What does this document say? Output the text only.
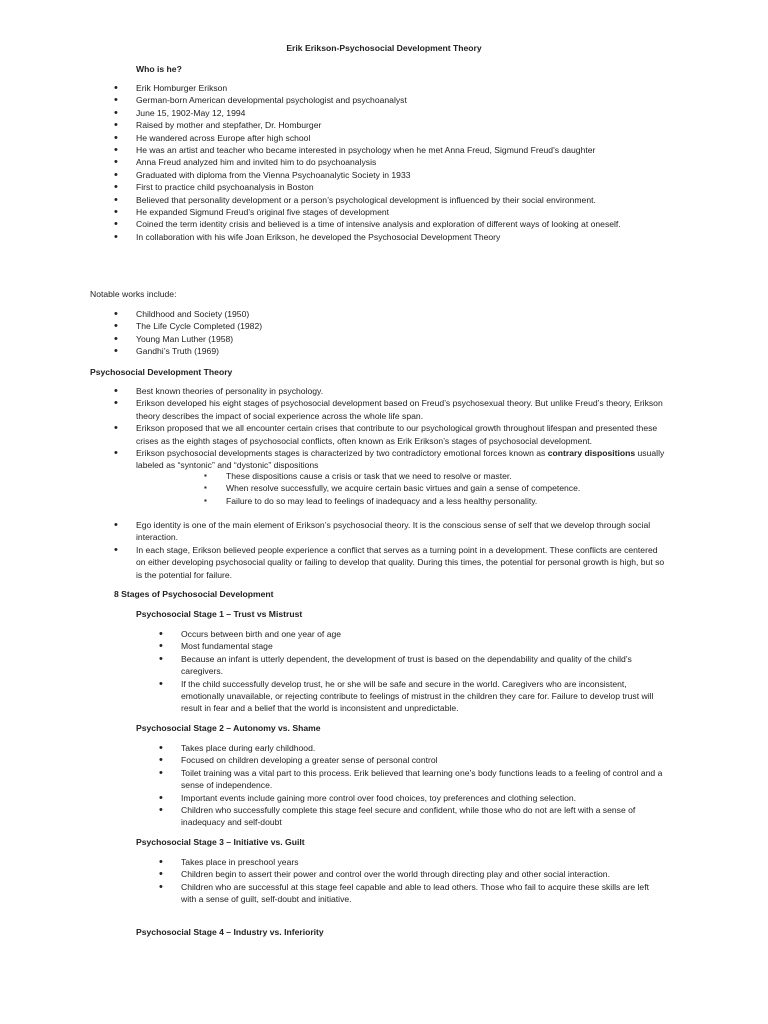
Erik Erikson-Psychosocial Development Theory
Who is he?
• Erik Homburger Erikson
• German-born American developmental psychologist and psychoanalyst
• June 15, 1902-May 12, 1994
• Raised by mother and stepfather, Dr. Homburger
• He wandered across Europe after high school
• He was an artist and teacher who became interested in psychology when he met Anna Freud, Sigmund Freud’s daughter
• Anna Freud analyzed him and invited him to do psychoanalysis
• Graduated with diploma from the Vienna Psychoanalytic Society in 1933
• First to practice child psychoanalysis in Boston
• Believed that personality development or a person’s psychological development is influenced by their social environment.
• He expanded Sigmund Freud’s original five stages of development
• Coined the term identity crisis and believed is a time of intensive analysis and exploration of different ways of looking at oneself.
• In collaboration with his wife Joan Erikson, he developed the Psychosocial Development Theory
Notable works include:
• Childhood and Society (1950)
• The Life Cycle Completed (1982)
• Young Man Luther (1958)
• Gandhi’s Truth (1969)
Psychosocial Development Theory
• Best known theories of personality in psychology.
• Erikson developed his eight stages of psychosocial development based on Freud’s psychosexual theory. But unlike Freud’s theory, Erikson theory describes the impact of social experience across the whole life span.
• Erikson proposed that we all encounter certain crises that contribute to our psychological growth throughout lifespan and presented these crises as the eighth stages of psychosocial conflicts, often known as Erik Erikson’s stages of psychosocial development.
• Erikson psychosocial developments stages is characterized by two contradictory emotional forces known as contrary dispositions usually labeled as “syntonic” and “dystonic” dispositions
▪ These dispositions cause a crisis or task that we need to resolve or master.
▪ When resolve successfully, we acquire certain basic virtues and gain a sense of competence.
▪ Failure to do so may lead to feelings of inadequacy and a less healthy personality.
• Ego identity is one of the main element of Erikson’s psychosocial theory. It is the conscious sense of self that we develop through social interaction.
• In each stage, Erikson believed people experience a conflict that serves as a turning point in a development. These conflicts are centered on either developing psychosocial quality or failing to develop that quality. During this times, the potential for personal growth is high, but so is the potential for failure.
8 Stages of Psychosocial Development
Psychosocial Stage 1 – Trust vs Mistrust
• Occurs between birth and one year of age
• Most fundamental stage
• Because an infant is utterly dependent, the development of trust is based on the dependability and quality of the child’s caregivers.
• If the child successfully develop trust, he or she will be safe and secure in the world. Caregivers who are inconsistent, emotionally unavailable, or rejecting contribute to feelings of mistrust in the children they care for. Failure to develop trust will result in fear and a belief that the world is inconsistent and unpredictable.
Psychosocial Stage 2 – Autonomy vs. Shame
• Takes place during early childhood.
• Focused on children developing a greater sense of personal control
• Toilet training was a vital part to this process. Erik believed that learning one’s body functions leads to a feeling of control and a sense of independence.
• Important events include gaining more control over food choices, toy preferences and clothing selection.
• Children who successfully complete this stage feel secure and confident, while those who do not are left with a sense of inadequacy and self-doubt
Psychosocial Stage 3 – Initiative vs. Guilt
• Takes place in preschool years
• Children begin to assert their power and control over the world through directing play and other social interaction.
• Children who are successful at this stage feel capable and able to lead others. Those who fail to acquire these skills are left with a sense of guilt, self-doubt and initiative.
Psychosocial Stage 4 – Industry vs. Inferiority
